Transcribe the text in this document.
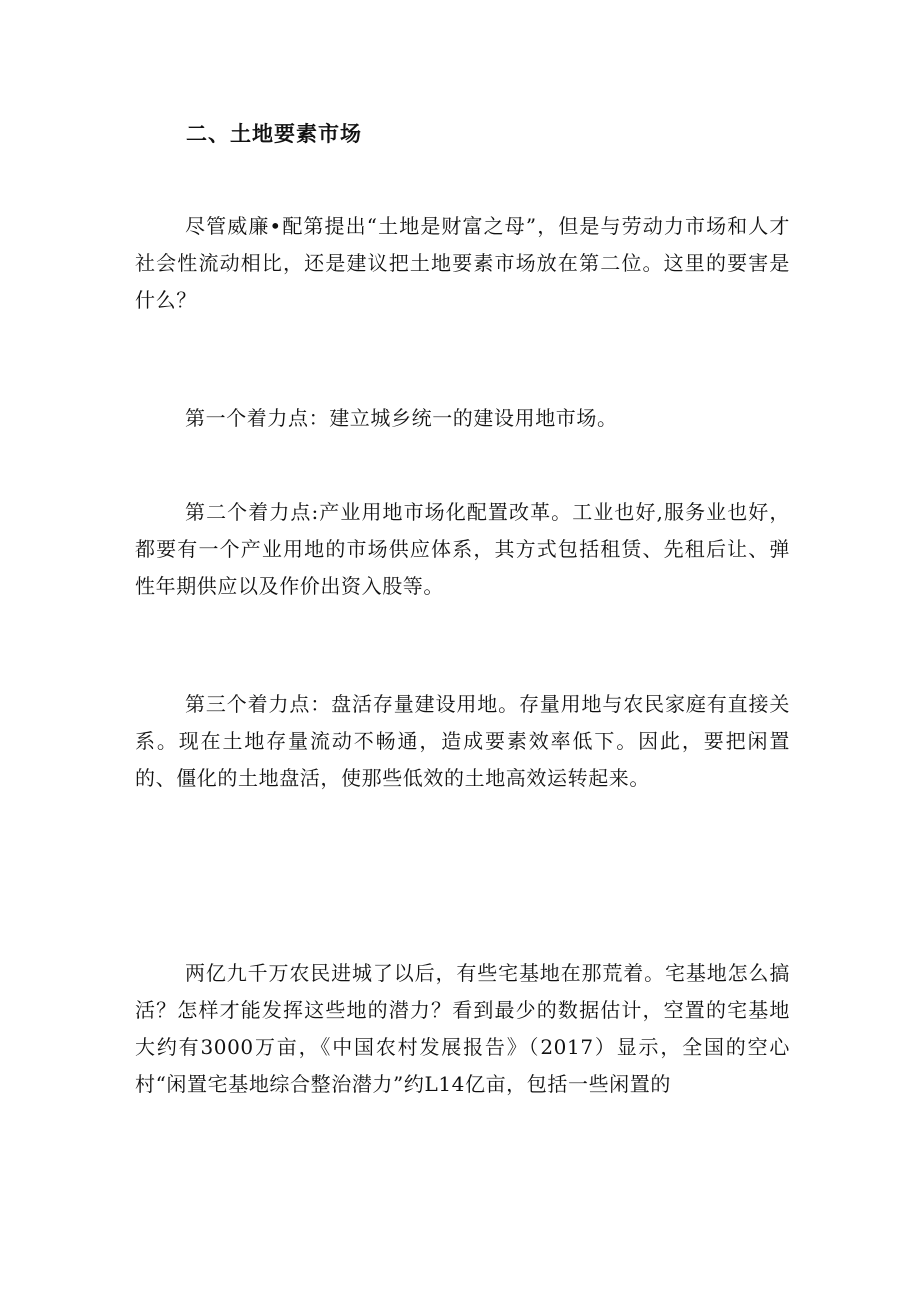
二、土地要素市场

尽管威廉•配第提出“土地是财富之母”，但是与劳动力市场和人才社会性流动相比，还是建议把土地要素市场放在第二位。这里的要害是什么？

第一个着力点：建立城乡统一的建设用地市场。

第二个着力点:产业用地市场化配置改革。工业也好,服务业也好，都要有一个产业用地的市场供应体系，其方式包括租赁、先租后让、弹性年期供应以及作价出资入股等。

第三个着力点：盘活存量建设用地。存量用地与农民家庭有直接关系。现在土地存量流动不畅通，造成要素效率低下。因此，要把闲置的、僵化的土地盘活，使那些低效的土地高效运转起来。

两亿九千万农民进城了以后，有些宅基地在那荒着。宅基地怎么搞活？怎样才能发挥这些地的潜力？看到最少的数据估计，空置的宅基地大约有3000万亩，《中国农村发展报告》（2017）显示，全国的空心村“闲置宅基地综合整治潜力”约L14亿亩，包括一些闲置的
